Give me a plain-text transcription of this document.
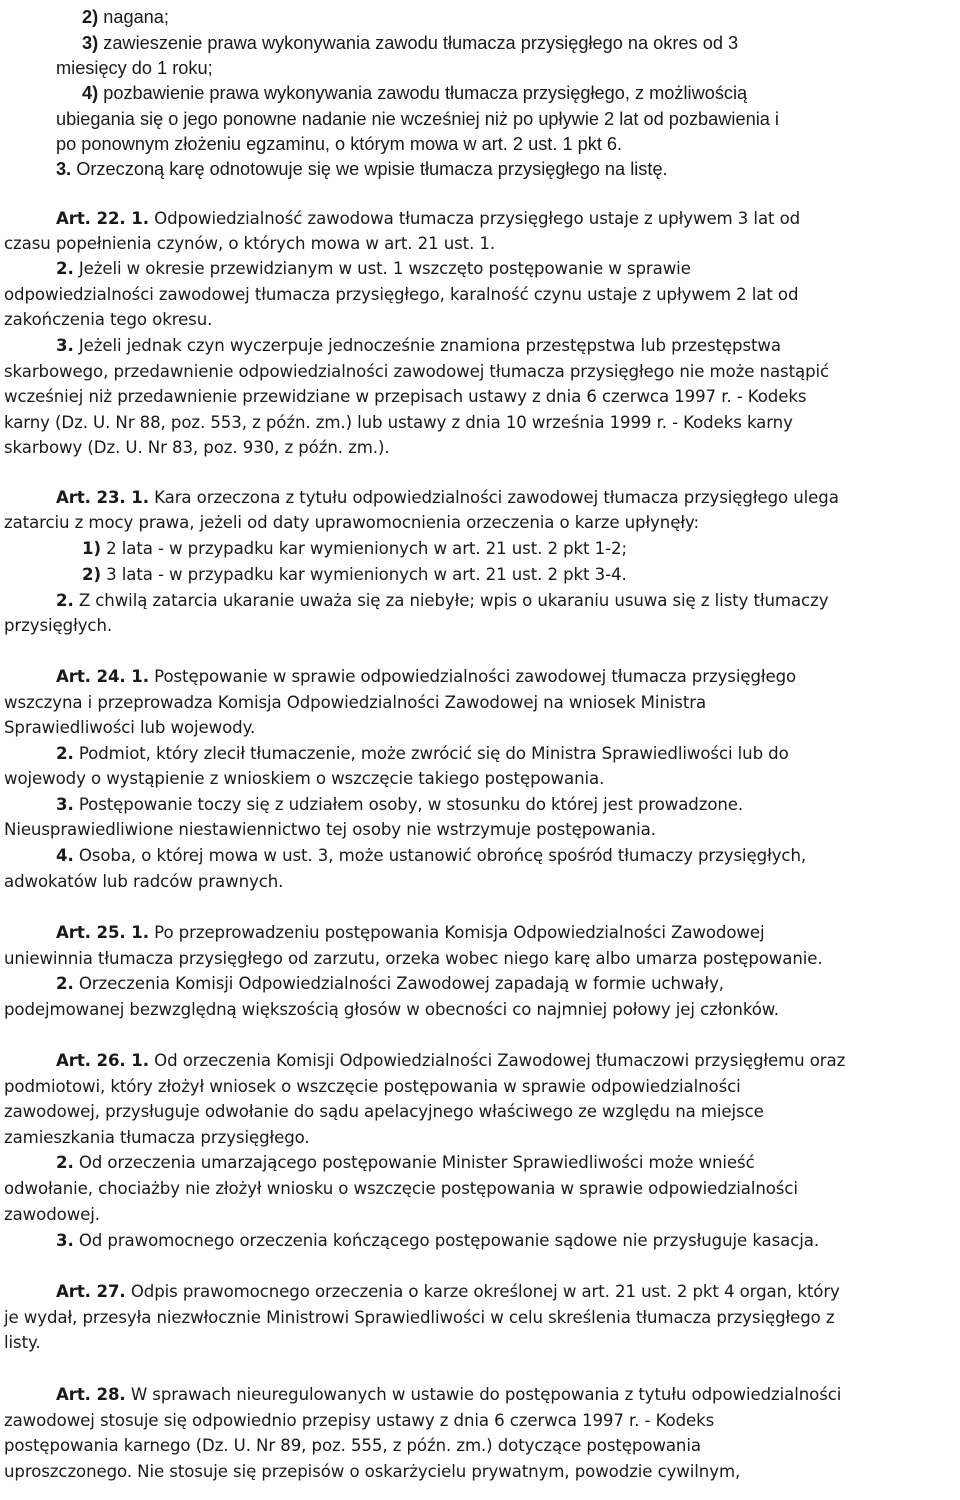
2) nagana;
3) zawieszenie prawa wykonywania zawodu tłumacza przysięgłego na okres od 3
miesięcy do 1 roku;
4) pozbawienie prawa wykonywania zawodu tłumacza przysięgłego, z możliwością
ubiegania się o jego ponowne nadanie nie wcześniej niż po upływie 2 lat od pozbawienia i
po ponownym złożeniu egzaminu, o którym mowa w art. 2 ust. 1 pkt 6.
3. Orzeczoną karę odnotowuje się we wpisie tłumacza przysięgłego na listę.
Art. 22. 1. Odpowiedzialność zawodowa tłumacza przysięgłego ustaje z upływem 3 lat od
czasu popełnienia czynów, o których mowa w art. 21 ust. 1.
2. Jeżeli w okresie przewidzianym w ust. 1 wszczęto postępowanie w sprawie
odpowiedzialności zawodowej tłumacza przysięgłego, karalność czynu ustaje z upływem 2 lat od
zakończenia tego okresu.
3. Jeżeli jednak czyn wyczerpuje jednocześnie znamiona przestępstwa lub przestępstwa
skarbowego, przedawnienie odpowiedzialności zawodowej tłumacza przysięgłego nie może nastąpić
wcześniej niż przedawnienie przewidziane w przepisach ustawy z dnia 6 czerwca 1997 r. - Kodeks
karny (Dz. U. Nr 88, poz. 553, z późn. zm.) lub ustawy z dnia 10 września 1999 r. - Kodeks karny
skarbowy (Dz. U. Nr 83, poz. 930, z późn. zm.).
Art. 23. 1. Kara orzeczona z tytułu odpowiedzialności zawodowej tłumacza przysięgłego ulega
zatarciu z mocy prawa, jeżeli od daty uprawomocnienia orzeczenia o karze upłynęły:
1) 2 lata - w przypadku kar wymienionych w art. 21 ust. 2 pkt 1-2;
2) 3 lata - w przypadku kar wymienionych w art. 21 ust. 2 pkt 3-4.
2. Z chwilą zatarcia ukaranie uważa się za niebyłe; wpis o ukaraniu usuwa się z listy tłumaczy
przysięgłych.
Art. 24. 1. Postępowanie w sprawie odpowiedzialności zawodowej tłumacza przysięgłego
wszczyna i przeprowadza Komisja Odpowiedzialności Zawodowej na wniosek Ministra
Sprawiedliwości lub wojewody.
2. Podmiot, który zlecił tłumaczenie, może zwrócić się do Ministra Sprawiedliwości lub do
wojewody o wystąpienie z wnioskiem o wszczęcie takiego postępowania.
3. Postępowanie toczy się z udziałem osoby, w stosunku do której jest prowadzone.
Nieusprawiedliwione niestawiennictwo tej osoby nie wstrzymuje postępowania.
4. Osoba, o której mowa w ust. 3, może ustanowić obrońcę spośród tłumaczy przysięgłych,
adwokatów lub radców prawnych.
Art. 25. 1. Po przeprowadzeniu postępowania Komisja Odpowiedzialności Zawodowej
uniewinnia tłumacza przysięgłego od zarzutu, orzeka wobec niego karę albo umarza postępowanie.
2. Orzeczenia Komisji Odpowiedzialności Zawodowej zapadają w formie uchwały,
podejmowanej bezwzględną większością głosów w obecności co najmniej połowy jej członków.
Art. 26. 1. Od orzeczenia Komisji Odpowiedzialności Zawodowej tłumaczowi przysięgłemu oraz
podmiotowi, który złożył wniosek o wszczęcie postępowania w sprawie odpowiedzialności
zawodowej, przysługuje odwołanie do sądu apelacyjnego właściwego ze względu na miejsce
zamieszkania tłumacza przysięgłego.
2. Od orzeczenia umarzającego postępowanie Minister Sprawiedliwości może wnieść
odwołanie, chociażby nie złożył wniosku o wszczęcie postępowania w sprawie odpowiedzialności
zawodowej.
3. Od prawomocnego orzeczenia kończącego postępowanie sądowe nie przysługuje kasacja.
Art. 27. Odpis prawomocnego orzeczenia o karze określonej w art. 21 ust. 2 pkt 4 organ, który
je wydał, przesyła niezwłocznie Ministrowi Sprawiedliwości w celu skreślenia tłumacza przysięgłego z
listy.
Art. 28. W sprawach nieuregulowanych w ustawie do postępowania z tytułu odpowiedzialności
zawodowej stosuje się odpowiednio przepisy ustawy z dnia 6 czerwca 1997 r. - Kodeks
postępowania karnego (Dz. U. Nr 89, poz. 555, z późn. zm.) dotyczące postępowania
uproszczonego. Nie stosuje się przepisów o oskarżycielu prywatnym, powodzie cywilnym,
